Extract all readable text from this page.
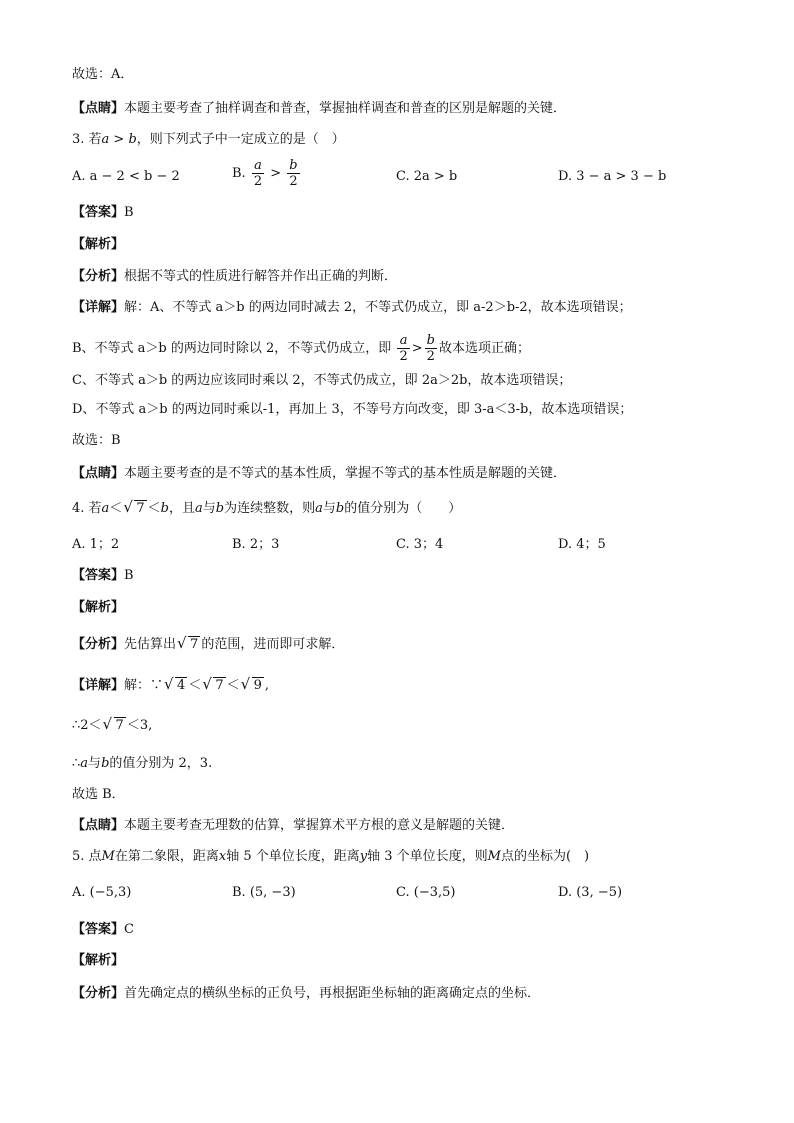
故选：A．
【点睛】本题主要考查了抽样调查和普查，掌握抽样调查和普查的区别是解题的关键．
3. 若a > b，则下列式子中一定成立的是（　）
A. a − 2 < b − 2	B. $\frac{a}{2} > \frac{b}{2}$	C. 2a > b	D. 3 − a > 3 − b
【答案】B
【解析】
【分析】根据不等式的性质进行解答并作出正确的判断．
【详解】解：A、不等式 a＞b 的两边同时减去 2，不等式仍成立，即 a-2＞b-2，故本选项错误；
B、不等式 a＞b 的两边同时除以 2，不等式仍成立，即 $\frac{a}{2} > \frac{b}{2}$ 故本选项正确；
C、不等式 a＞b 的两边应该同时乘以 2，不等式仍成立，即 2a＞2b，故本选项错误；
D、不等式 a＞b 的两边同时乘以-1，再加上 3，不等号方向改变，即 3-a＜3-b，故本选项错误；
故选：B
【点睛】本题主要考查的是不等式的基本性质，掌握不等式的基本性质是解题的关键．
4. 若a＜ √ 7 ＜b，且a与b为连续整数，则a与b的值分别为（　　）
A. 1；2	B. 2；3	C. 3；4	D. 4；5
【答案】B
【解析】
【分析】先估算出 √ 7 的范围，进而即可求解．
【详解】解：∵ √ 4 ＜ √ 7 ＜ √ 9 ,
∴2＜ √ 7 ＜3,
∴a与b的值分别为 2，3.
故选 B．
【点睛】本题主要考查无理数的估算，掌握算术平方根的意义是解题的关键．
5. 点M在第二象限，距离x轴 5 个单位长度，距离y轴 3 个单位长度，则M点的坐标为(　)
A. (−5,3)	B. (5, −3)	C. (−3,5)	D. (3, −5)
【答案】C
【解析】
【分析】首先确定点的横纵坐标的正负号，再根据距坐标轴的距离确定点的坐标．
